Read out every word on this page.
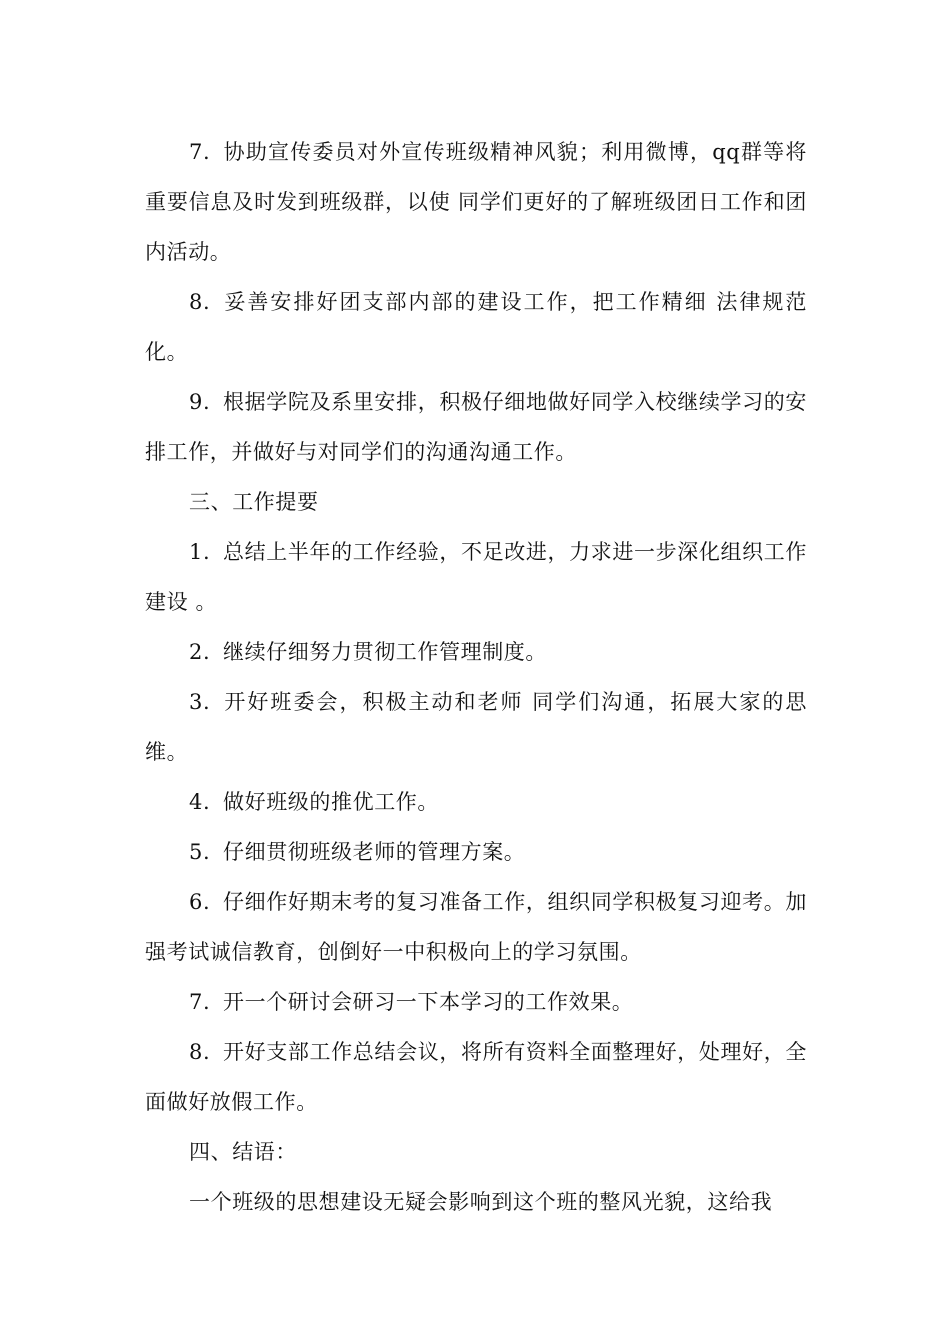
7. 协助宣传委员对外宣传班级精神风貌；利用微博，qq群等将重要信息及时发到班级群，以使 同学们更好的了解班级团日工作和团内活动。

8. 妥善安排好团支部内部的建设工作，把工作精细 法律规范化。

9. 根据学院及系里安排，积极仔细地做好同学入校继续学习的安排工作，并做好与对同学们的沟通沟通工作。

三、工作提要

1. 总结上半年的工作经验，不足改进，力求进一步深化组织工作建设 。

2. 继续仔细努力贯彻工作管理制度。

3. 开好班委会，积极主动和老师 同学们沟通，拓展大家的思维。

4. 做好班级的推优工作。

5. 仔细贯彻班级老师的管理方案。

6. 仔细作好期末考的复习准备工作，组织同学积极复习迎考。加强考试诚信教育，创倒好一中积极向上的学习氛围。

7. 开一个研讨会研习一下本学习的工作效果。

8. 开好支部工作总结会议，将所有资料全面整理好，处理好，全面做好放假工作。

四、结语：

一个班级的思想建设无疑会影响到这个班的整风光貌，这给我
